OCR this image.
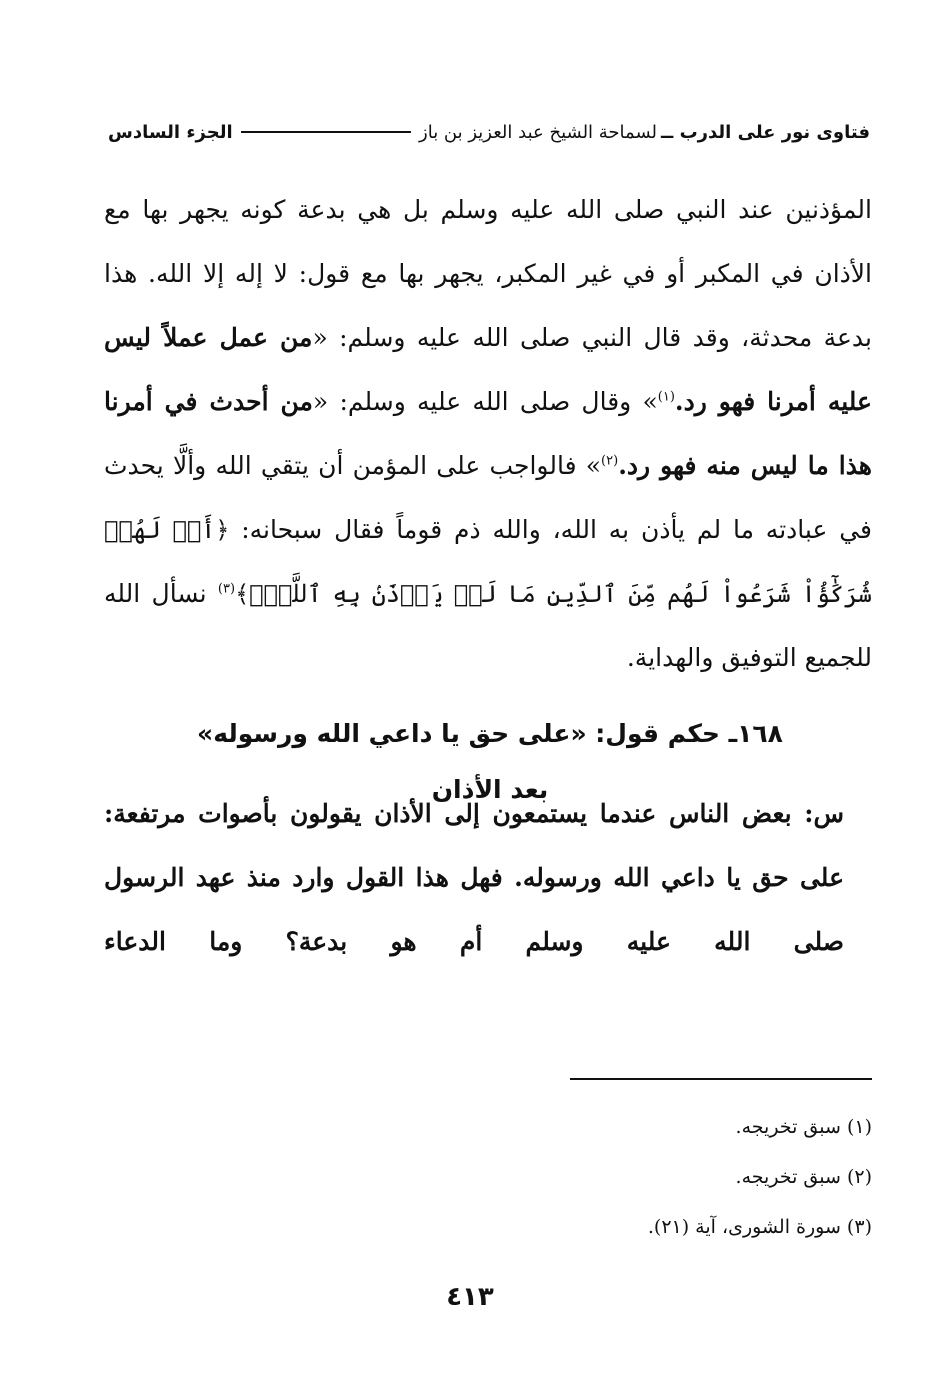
فتاوى نور على الدرب ــ
لسماحة الشيخ عبد العزيز بن باز
الجزء السادس
المؤذنين عند النبي صلى الله عليه وسلم بل هي بدعة كونه يجهر بها مع الأذان في المكبر أو في غير المكبر، يجهر بها مع قول: لا إله إلا الله. هذا بدعة محدثة، وقد قال النبي صلى الله عليه وسلم: «من عمل عملاً ليس عليه أمرنا فهو رد.$^{(١)}$» وقال صلى الله عليه وسلم: «من أحدث في أمرنا هذا ما ليس منه فهو رد.$^{(٢)}$» فالواجب على المؤمن أن يتقي الله وألَّا يحدث في عبادته ما لم يأذن به الله، والله ذم قوماً فقال سبحانه: ﴿أَمۡ لَهُمۡ شُرَكَٰٓؤُاْ شَرَعُواْ لَهُم مِّنَ ٱلدِّينِ مَا لَمۡ يَأۡذَنۢ بِهِ ٱللَّهُۚ﴾$^{(٣)}$ نسأل الله للجميع التوفيق والهداية.
١٦٨ـ حكم قول: «على حق يا داعي الله ورسوله» بعد الأذان
س: بعض الناس عندما يستمعون إلى الأذان يقولون بأصوات مرتفعة: على حق يا داعي الله ورسوله. فهل هذا القول وارد منذ عهد الرسول صلى الله عليه وسلم أم هو بدعة؟ وما الدعاء
(١) سبق تخريجه.
(٢) سبق تخريجه.
(٣) سورة الشورى، آية (٢١).
٤١٣
